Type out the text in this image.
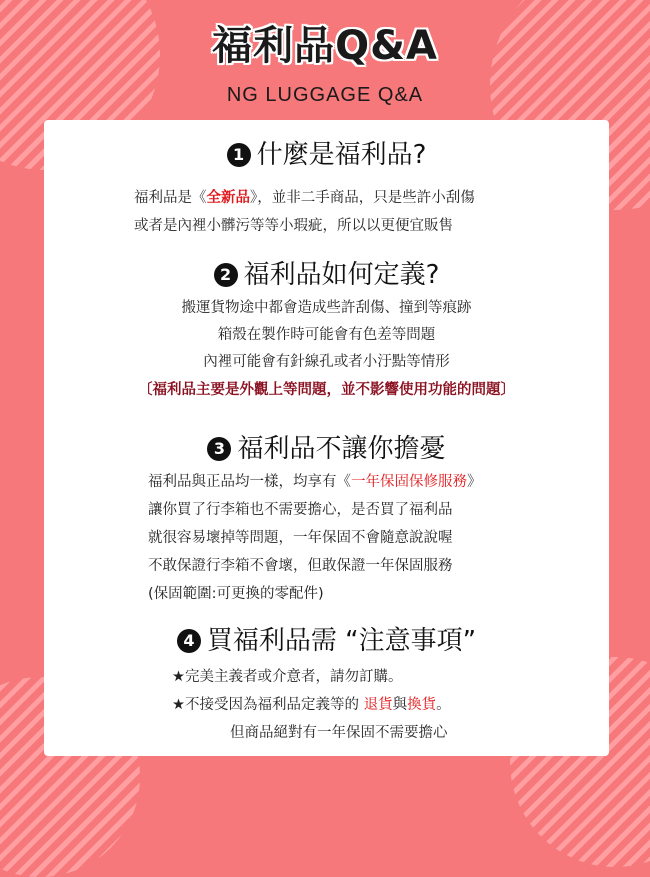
福利品Q&A
NG LUGGAGE Q&A
1 什麼是福利品?
福利品是《全新品》，並非二手商品，只是些許小刮傷
或者是內裡小髒污等等小瑕疵，所以以更便宜販售
2 福利品如何定義?
搬運貨物途中都會造成些許刮傷、撞到等痕跡
箱殼在製作時可能會有色差等問題
內裡可能會有針線孔或者小汙點等情形
〔福利品主要是外觀上等問題，並不影響使用功能的問題〕
3 福利品不讓你擔憂
福利品與正品均一樣，均享有《一年保固保修服務》
讓你買了行李箱也不需要擔心，是否買了福利品
就很容易壞掉等問題，一年保固不會隨意說說喔
不敢保證行李箱不會壞，但敢保證一年保固服務
(保固範圍:可更換的零配件)
4 買福利品需 “注意事項”
★完美主義者或介意者，請勿訂購。
★不接受因為福利品定義等的 退貨與換貨。
但商品絕對有一年保固不需要擔心
